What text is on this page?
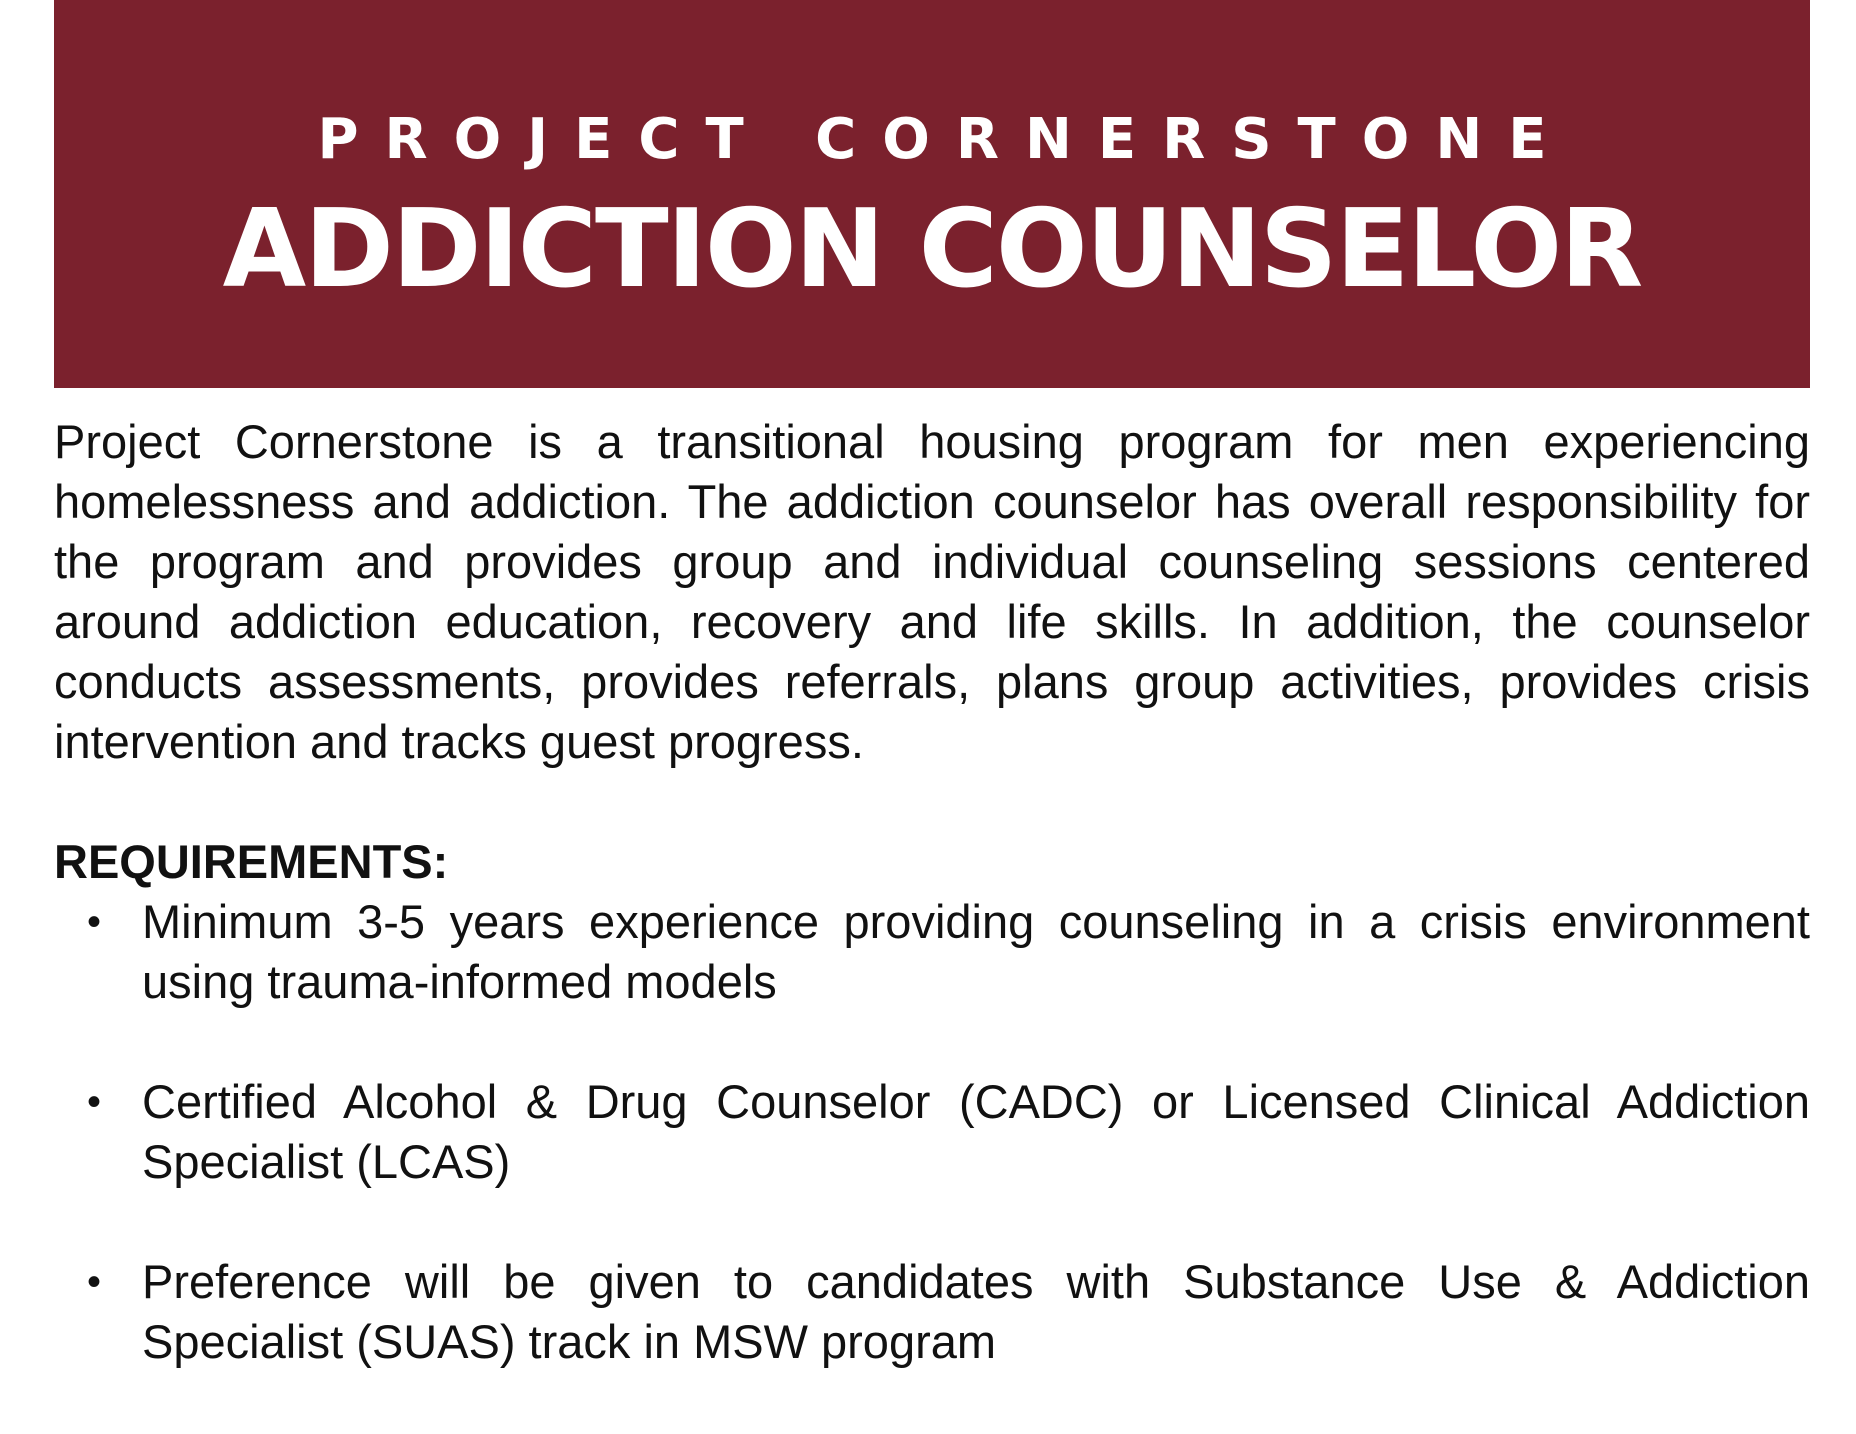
PROJECT CORNERSTONE
ADDICTION COUNSELOR

Project Cornerstone is a transitional housing program for men experiencing homelessness and addiction. The addiction counselor has overall responsibility for the program and provides group and individual counseling sessions centered around addiction education, recovery and life skills. In addition, the counselor conducts assessments, provides referrals, plans group activities, provides crisis intervention and tracks guest progress.

REQUIREMENTS:
• Minimum 3-5 years experience providing counseling in a crisis environment using trauma-informed models
• Certified Alcohol & Drug Counselor (CADC) or Licensed Clinical Addiction Specialist (LCAS)
• Preference will be given to candidates with Substance Use & Addiction Specialist (SUAS) track in MSW program
